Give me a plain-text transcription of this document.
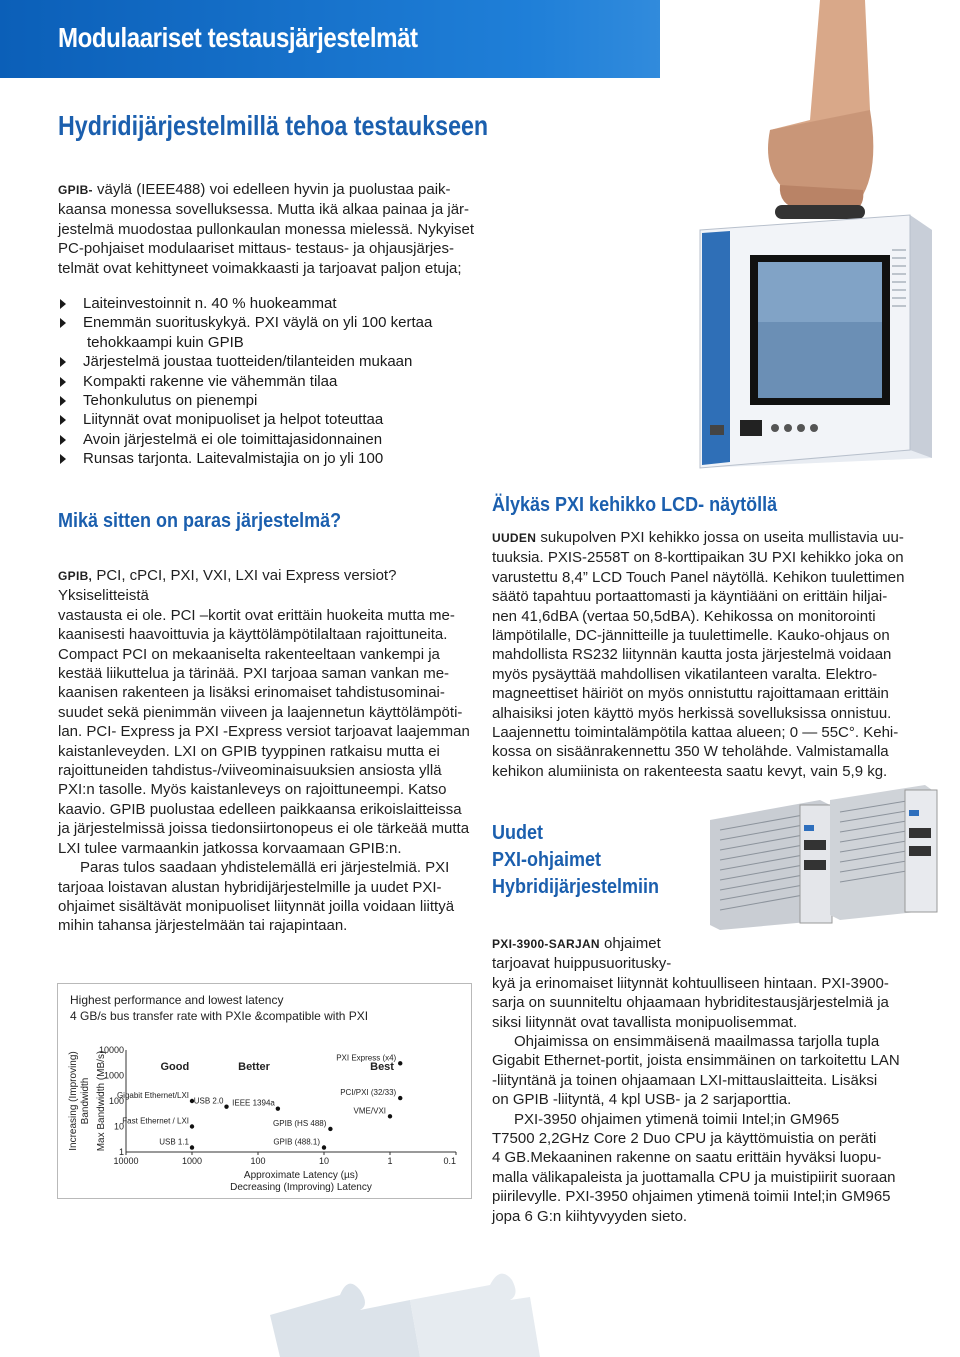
Modulaariset testausjärjestelmät
Hydridijärjestelmillä tehoa testaukseen

GPIB- väylä (IEEE488) voi edelleen hyvin ja puolustaa paik-
kaansa monessa sovelluksessa. Mutta ikä alkaa painaa ja jär-
jestelmä muodostaa pullonkaulan monessa mielessä. Nykyiset
PC-pohjaiset modulaariset mittaus- testaus- ja ohjausjärjes-
telmät ovat kehittyneet voimakkaasti ja tarjoavat paljon etuja;

Laiteinvestoinnit n. 40 % huokeammat
Enemmän suorituskykyä. PXI väylä on yli 100 kertaa
tehokkaampi kuin GPIB
Järjestelmä joustaa tuotteiden/tilanteiden mukaan
Kompakti rakenne vie vähemmän tilaa
Tehonkulutus on pienempi
Liitynnät ovat monipuoliset ja helpot toteuttaa
Avoin järjestelmä ei ole toimittajasidonnainen
Runsas tarjonta. Laitevalmistajia on jo yli 100
Mikä sitten on paras järjestelmä?

GPIB, PCI, cPCI, PXI, VXI, LXI vai Express versiot? Yksiselitteistä
vastausta ei ole. PCI –kortit ovat erittäin huokeita mutta me-
kaanisesti haavoittuvia ja käyttölämpötilaltaan rajoittuneita.
Compact PCI on mekaaniselta rakenteeltaan vankempi ja
kestää liikuttelua ja tärinää. PXI tarjoaa saman vankan me-
kaanisen rakenteen ja lisäksi erinomaiset tahdistusominai-
suudet sekä pienimmän viiveen ja laajennetun käyttölämpöti-
lan. PCI- Express ja PXI -Express versiot tarjoavat laajemman
kaistanleveyden. LXI on GPIB tyyppinen ratkaisu mutta ei
rajoittuneiden tahdistus-/viiveominaisuuksien ansiosta yllä
PXI:n tasolle. Myös kaistanleveys on rajoittuneempi. Katso
kaavio. GPIB puolustaa edelleen paikkaansa erikoislaitteissa
ja järjestelmissä joissa tiedonsiirtonopeus ei ole tärkeää mutta
LXI tulee varmaankin jatkossa korvaamaan GPIB:n.
Paras tulos saadaan yhdistelemällä eri järjestelmiä. PXI
tarjoaa loistavan alustan hybridijärjestelmille ja uudet PXI-
ohjaimet sisältävät monipuoliset liitynnät joilla voidaan liittyä
mihin tahansa järjestelmään tai rajapintaan.

Älykäs PXI kehikko LCD- näytöllä

UUDEN sukupolven PXI kehikko jossa on useita mullistavia uu-
tuuksia. PXIS-2558T on 8-korttipaikan 3U PXI kehikko joka on
varustettu 8,4” LCD Touch Panel näytöllä. Kehikon tuulettimen
säätö tapahtuu portaattomasti ja käyntiääni on erittäin hiljai-
nen 41,6dBA (vertaa 50,5dBA). Kehikossa on monitorointi
lämpötilalle, DC-jännitteille ja tuulettimelle. Kauko-ohjaus on
mahdollista RS232 liitynnän kautta josta järjestelmä voidaan
myös pysäyttää mahdollisen vikatilanteen varalta. Elektro-
magneettiset häiriöt on myös onnistuttu rajoittamaan erittäin
alhaisiksi joten käyttö myös herkissä sovelluksissa onnistuu.
Laajennettu toimintalämpötila kattaa alueen; 0 — 55C°. Kehi-
kossa on sisäänrakennettu 350 W teholähde. Valmistamalla
kehikon alumiinista on rakenteesta saatu kevyt, vain 5,9 kg.

Uudet
PXI-ohjaimet
Hybridijärjestelmiin

PXI-3900-SARJAN ohjaimet
tarjoavat huippusuoritusky-
kyä ja erinomaiset liitynnät kohtuulliseen hintaan. PXI-3900-
sarja on suunniteltu ohjaamaan hybriditestausjärjestelmiä ja
siksi liitynnät ovat tavallista monipuolisemmat.
Ohjaimissa on ensimmäisenä maailmassa tarjolla tupla
Gigabit Ethernet-portit, joista ensimmäinen on tarkoitettu LAN
-liityntänä ja toinen ohjaamaan LXI-mittauslaitteita. Lisäksi
on GPIB -liityntä, 4 kpl USB- ja 2 sarjaporttia.
PXI-3950 ohjaimen ytimenä toimii Intel;in GM965
T7500 2,2GHz Core 2 Duo CPU ja käyttömuistia on peräti
4 GB.Mekaaninen rakenne on saatu erittäin hyväksi luopu-
malla välikapaleista ja juottamalla CPU ja muistipiirit suoraan
piirilevylle. PXI-3950 ohjaimen ytimenä toimii Intel;in GM965
jopa 6 G:n kiihtyvyyden sieto.

Highest performance and lowest latency
4 GB/s bus transfer rate with PXIe &compatible with PXI
10000	1000	100	10	1	0.1
10000
1000
100
10
1
Approximate Latency (µs)
Decreasing (Improving) Latency
Max Bandwidth (MB/s)
Bandwidth
Increasing (Improving)	Good	Better	Best
PXI Express (x4)
PCI/PXI (32/33)
VME/VXI
GPIB (HS 488)
GPIB (488.1)
IEEE 1394a
USB 2.0
Gigabit Ethernet/LXI
Fast Ethernet / LXI
USB 1.1
